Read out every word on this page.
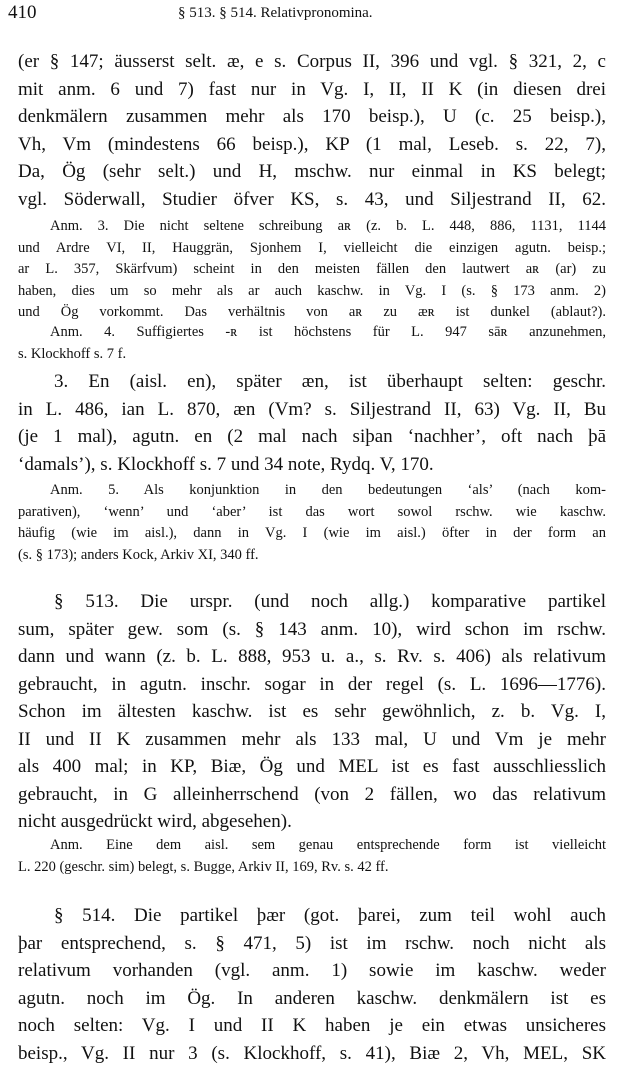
410	§ 513. § 514. Relativpronomina.
(er § 147; äusserst selt. æ, e s. Corpus II, 396 und vgl. § 321, 2, c
mit anm. 6 und 7) fast nur in Vg. I, II, II K (in diesen drei
denkmälern zusammen mehr als 170 beisp.), U (c. 25 beisp.),
Vh, Vm (mindestens 66 beisp.), KP (1 mal, Leseb. s. 22, 7),
Da, Ög (sehr selt.) und H, mschw. nur einmal in KS belegt;
vgl. Söderwall, Studier öfver KS, s. 43, und Siljestrand II, 62.
Anm. 3. Die nicht seltene schreibung aʀ (z. b. L. 448, 886, 1131, 1144
und Ardre VI, II, Hauggrän, Sjonhem I, vielleicht die einzigen agutn. beisp.;
ar L. 357, Skärfvum) scheint in den meisten fällen den lautwert aʀ (ar) zu
haben, dies um so mehr als ar auch kaschw. in Vg. I (s. § 173 anm. 2)
und Ög vorkommt. Das verhältnis von aʀ zu æʀ ist dunkel (ablaut?).
Anm. 4. Suffigiertes -ʀ ist höchstens für L. 947 sāʀ anzunehmen,
s. Klockhoff s. 7 f.
3. En (aisl. en), später æn, ist überhaupt selten: geschr.
in L. 486, ian L. 870, æn (Vm? s. Siljestrand II, 63) Vg. II, Bu
(je 1 mal), agutn. en (2 mal nach siþan ‘nachher’, oft nach þā
‘damals’), s. Klockhoff s. 7 und 34 note, Rydq. V, 170.
Anm. 5. Als konjunktion in den bedeutungen ‘als’ (nach kom-
parativen), ‘wenn’ und ‘aber’ ist das wort sowol rschw. wie kaschw.
häufig (wie im aisl.), dann in Vg. I (wie im aisl.) öfter in der form an
(s. § 173); anders Kock, Arkiv XI, 340 ff.
§ 513. Die urspr. (und noch allg.) komparative partikel
sum, später gew. som (s. § 143 anm. 10), wird schon im rschw.
dann und wann (z. b. L. 888, 953 u. a., s. Rv. s. 406) als relativum
gebraucht, in agutn. inschr. sogar in der regel (s. L. 1696—1776).
Schon im ältesten kaschw. ist es sehr gewöhnlich, z. b. Vg. I,
II und II K zusammen mehr als 133 mal, U und Vm je mehr
als 400 mal; in KP, Biæ, Ög und MEL ist es fast ausschliesslich
gebraucht, in G alleinherrschend (von 2 fällen, wo das relativum
nicht ausgedrückt wird, abgesehen).
Anm. Eine dem aisl. sem genau entsprechende form ist vielleicht
L. 220 (geschr. sim) belegt, s. Bugge, Arkiv II, 169, Rv. s. 42 ff.
§ 514. Die partikel þær (got. þarei, zum teil wohl auch
þar entsprechend, s. § 471, 5) ist im rschw. noch nicht als
relativum vorhanden (vgl. anm. 1) sowie im kaschw. weder
agutn. noch im Ög. In anderen kaschw. denkmälern ist es
noch selten: Vg. I und II K haben je ein etwas unsicheres
beisp., Vg. II nur 3 (s. Klockhoff, s. 41), Biæ 2, Vh, MEL, SK
